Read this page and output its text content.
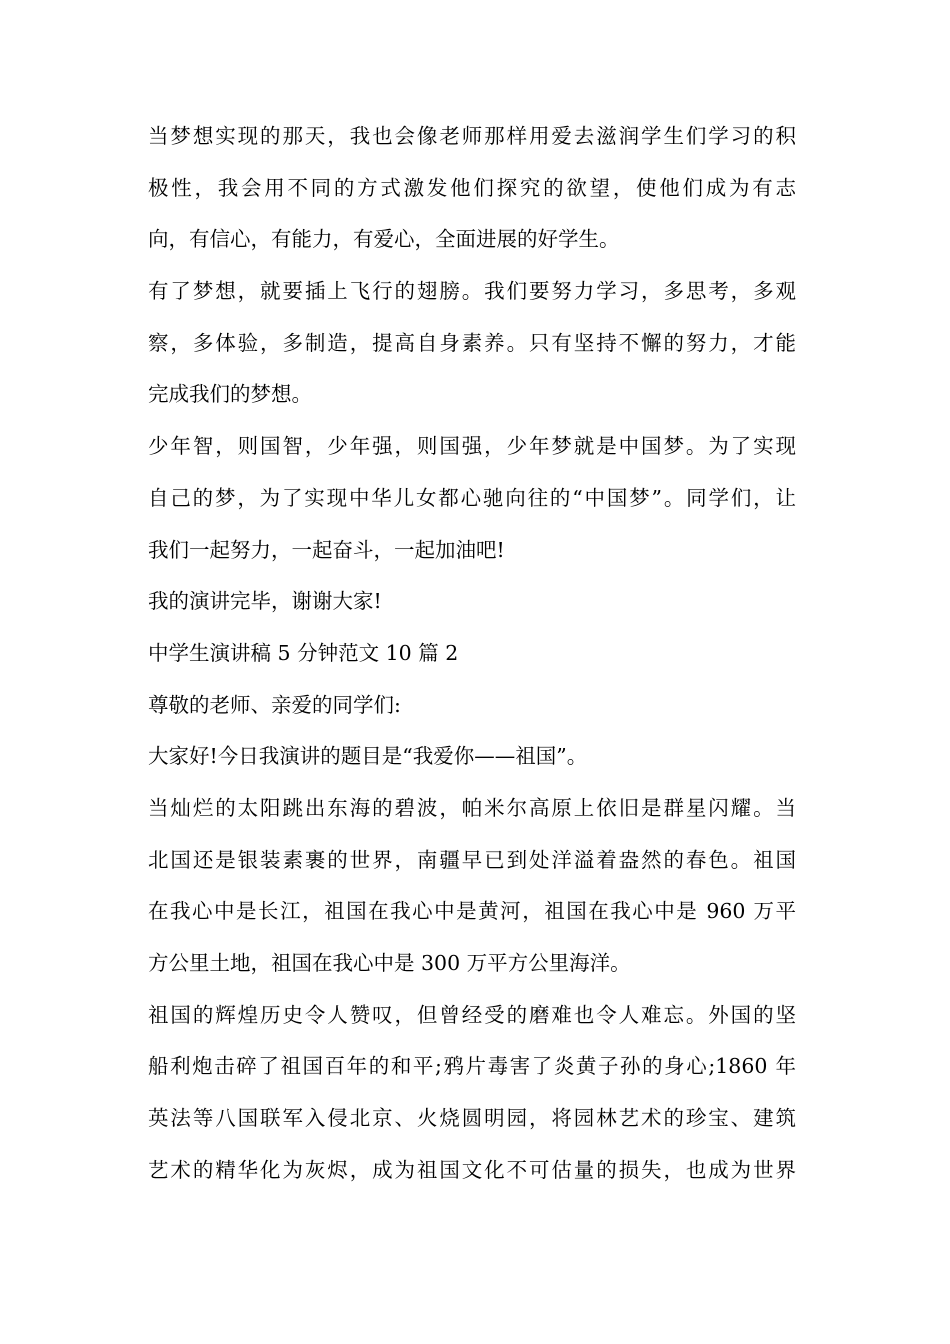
当梦想实现的那天，我也会像老师那样用爱去滋润学生们学习的积
极性，我会用不同的方式激发他们探究的欲望，使他们成为有志
向，有信心，有能力，有爱心，全面进展的好学生。
有了梦想，就要插上飞行的翅膀。我们要努力学习，多思考，多观
察，多体验，多制造，提高自身素养。只有坚持不懈的努力，才能
完成我们的梦想。
少年智，则国智，少年强，则国强，少年梦就是中国梦。为了实现
自己的梦，为了实现中华儿女都心驰向往的“中国梦”。同学们，让
我们一起努力，一起奋斗，一起加油吧!
我的演讲完毕，谢谢大家!
中学生演讲稿 5 分钟范文 10 篇 2
尊敬的老师、亲爱的同学们:
大家好!今日我演讲的题目是“我爱你——祖国”。
当灿烂的太阳跳出东海的碧波，帕米尔高原上依旧是群星闪耀。当
北国还是银装素裹的世界，南疆早已到处洋溢着盎然的春色。祖国
在我心中是长江，祖国在我心中是黄河，祖国在我心中是 960 万平
方公里土地，祖国在我心中是 300 万平方公里海洋。
祖国的辉煌历史令人赞叹，但曾经受的磨难也令人难忘。外国的坚
船利炮击碎了祖国百年的和平;鸦片毒害了炎黄子孙的身心;1860 年
英法等八国联军入侵北京、火烧圆明园，将园林艺术的珍宝、建筑
艺术的精华化为灰烬，成为祖国文化不可估量的损失，也成为世界
